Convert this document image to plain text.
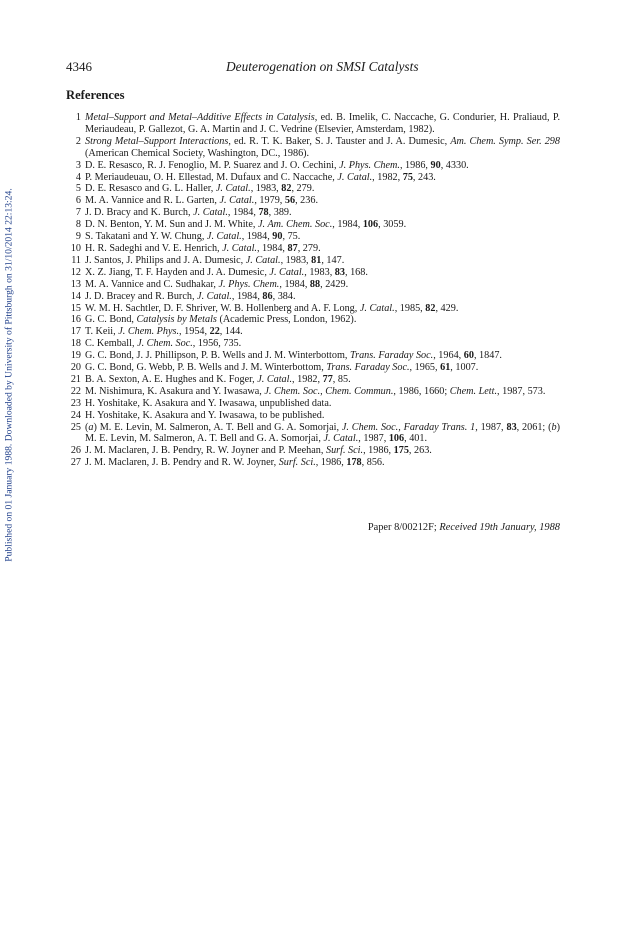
Published on 01 January 1988. Downloaded by University of Pittsburgh on 31/10/2014 22:13:24.
4346	Deuterogenation on SMSI Catalysts
References
1 Metal–Support and Metal–Additive Effects in Catalysis, ed. B. Imelik, C. Naccache, G. Condurier, H. Praliaud, P. Meriaudeau, P. Gallezot, G. A. Martin and J. C. Vedrine (Elsevier, Amsterdam, 1982).
2 Strong Metal–Support Interactions, ed. R. T. K. Baker, S. J. Tauster and J. A. Dumesic, Am. Chem. Symp. Ser. 298 (American Chemical Society, Washington, DC., 1986).
3 D. E. Resasco, R. J. Fenoglio, M. P. Suarez and J. O. Cechini, J. Phys. Chem., 1986, 90, 4330.
4 P. Meriaudeuau, O. H. Ellestad, M. Dufaux and C. Naccache, J. Catal., 1982, 75, 243.
5 D. E. Resasco and G. L. Haller, J. Catal., 1983, 82, 279.
6 M. A. Vannice and R. L. Garten, J. Catal., 1979, 56, 236.
7 J. D. Bracy and K. Burch, J. Catal., 1984, 78, 389.
8 D. N. Benton, Y. M. Sun and J. M. White, J. Am. Chem. Soc., 1984, 106, 3059.
9 S. Takatani and Y. W. Chung, J. Catal., 1984, 90, 75.
10 H. R. Sadeghi and V. E. Henrich, J. Catal., 1984, 87, 279.
11 J. Santos, J. Philips and J. A. Dumesic, J. Catal., 1983, 81, 147.
12 X. Z. Jiang, T. F. Hayden and J. A. Dumesic, J. Catal., 1983, 83, 168.
13 M. A. Vannice and C. Sudhakar, J. Phys. Chem., 1984, 88, 2429.
14 J. D. Bracey and R. Burch, J. Catal., 1984, 86, 384.
15 W. M. H. Sachtler, D. F. Shriver, W. B. Hollenberg and A. F. Long, J. Catal., 1985, 82, 429.
16 G. C. Bond, Catalysis by Metals (Academic Press, London, 1962).
17 T. Keii, J. Chem. Phys., 1954, 22, 144.
18 C. Kemball, J. Chem. Soc., 1956, 735.
19 G. C. Bond, J. J. Phillipson, P. B. Wells and J. M. Winterbottom, Trans. Faraday Soc., 1964, 60, 1847.
20 G. C. Bond, G. Webb, P. B. Wells and J. M. Winterbottom, Trans. Faraday Soc., 1965, 61, 1007.
21 B. A. Sexton, A. E. Hughes and K. Foger, J. Catal., 1982, 77, 85.
22 M. Nishimura, K. Asakura and Y. Iwasawa, J. Chem. Soc., Chem. Commun., 1986, 1660; Chem. Lett., 1987, 573.
23 H. Yoshitake, K. Asakura and Y. Iwasawa, unpublished data.
24 H. Yoshitake, K. Asakura and Y. Iwasawa, to be published.
25 (a) M. E. Levin, M. Salmeron, A. T. Bell and G. A. Somorjai, J. Chem. Soc., Faraday Trans. 1, 1987, 83, 2061; (b) M. E. Levin, M. Salmeron, A. T. Bell and G. A. Somorjai, J. Catal., 1987, 106, 401.
26 J. M. Maclaren, J. B. Pendry, R. W. Joyner and P. Meehan, Surf. Sci., 1986, 175, 263.
27 J. M. Maclaren, J. B. Pendry and R. W. Joyner, Surf. Sci., 1986, 178, 856.
Paper 8/00212F; Received 19th January, 1988
